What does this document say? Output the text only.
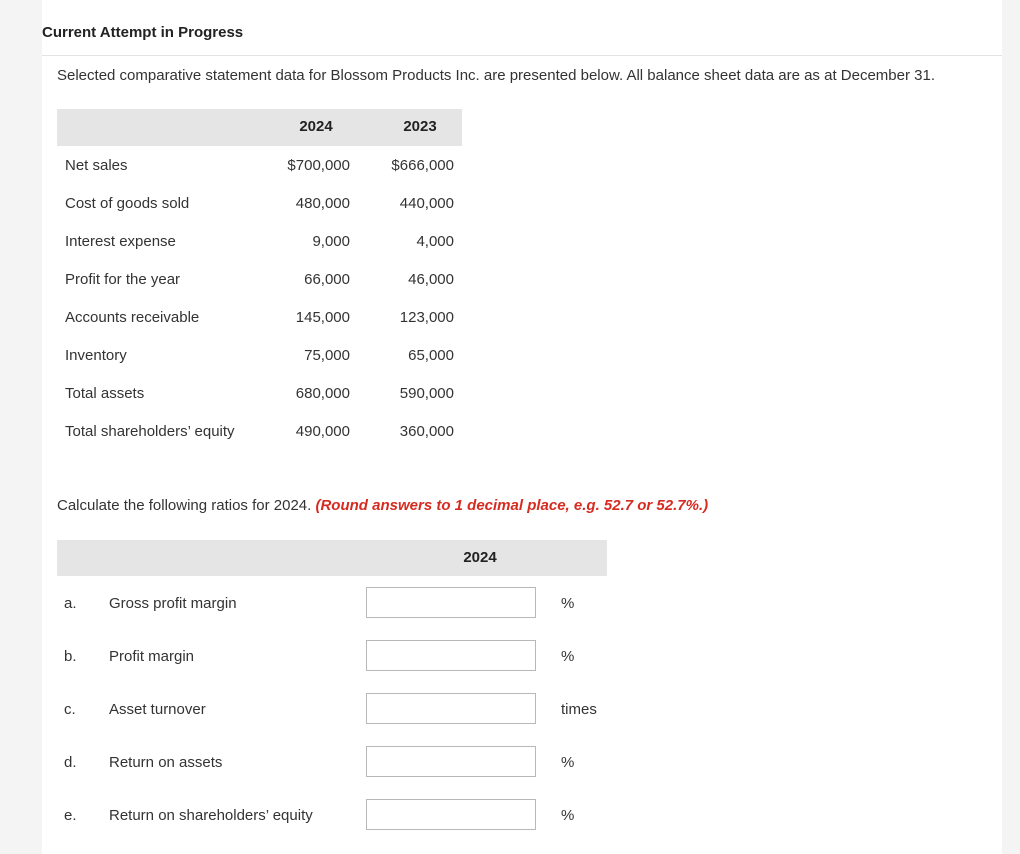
Current Attempt in Progress
Selected comparative statement data for Blossom Products Inc. are presented below. All balance sheet data are as at December 31.
2024	2023
Net sales	$700,000	$666,000
Cost of goods sold	480,000	440,000
Interest expense	9,000	4,000
Profit for the year	66,000	46,000
Accounts receivable	145,000	123,000
Inventory	75,000	65,000
Total assets	680,000	590,000
Total shareholders’ equity	490,000	360,000
Calculate the following ratios for 2024. (Round answers to 1 decimal place, e.g. 52.7 or 52.7%.)
2024
a. Gross profit margin	%
b. Profit margin	%
c. Asset turnover	times
d. Return on assets	%
e. Return on shareholders’ equity	%
